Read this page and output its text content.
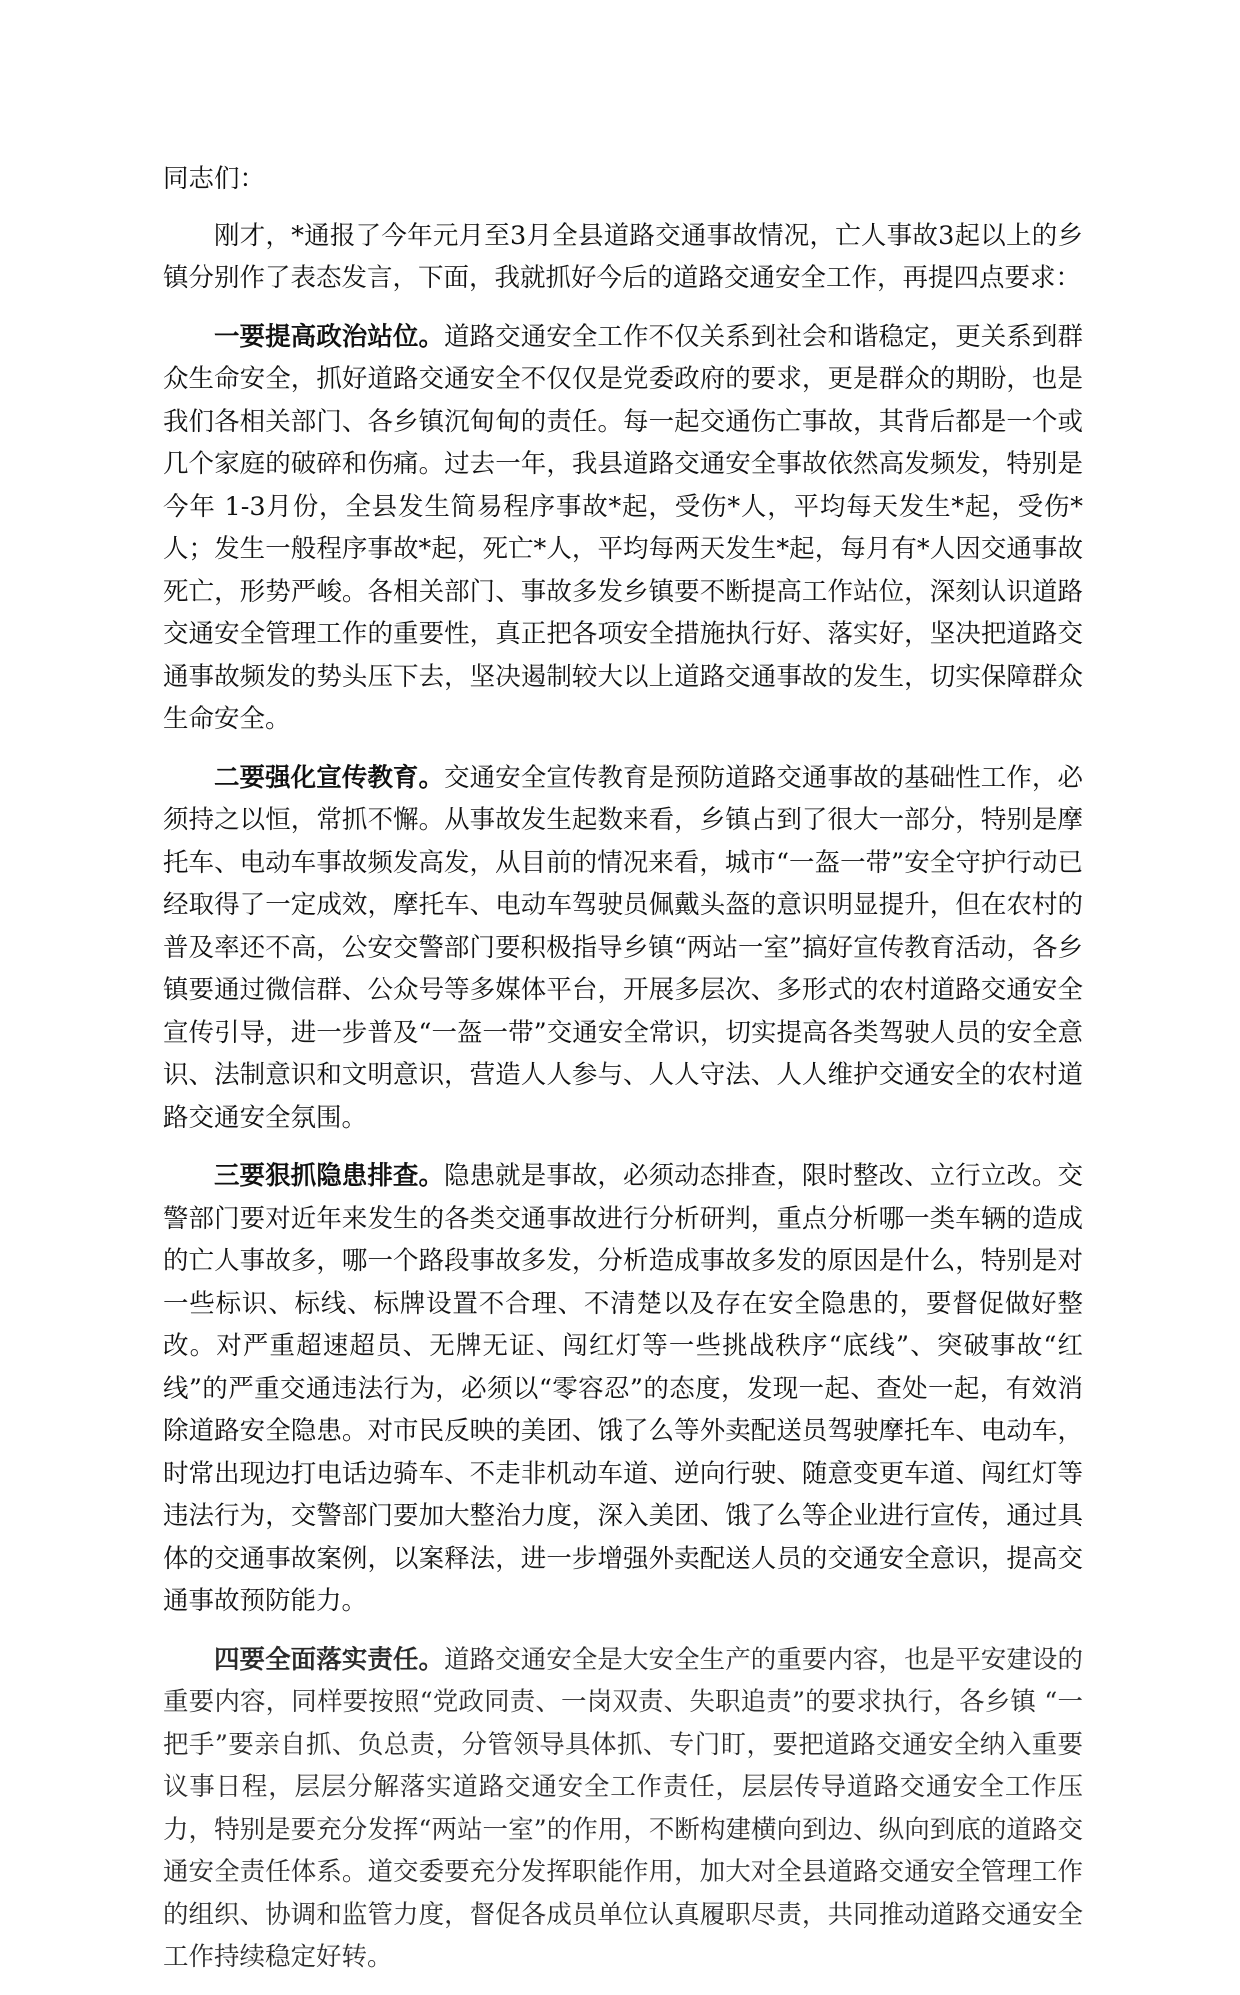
同志们：

刚才，*通报了今年元月至3月全县道路交通事故情况，亡人事故3起以上的乡镇分别作了表态发言，下面，我就抓好今后的道路交通安全工作，再提四点要求：

一要提高政治站位。道路交通安全工作不仅关系到社会和谐稳定，更关系到群众生命安全，抓好道路交通安全不仅仅是党委政府的要求，更是群众的期盼，也是我们各相关部门、各乡镇沉甸甸的责任。每一起交通伤亡事故，其背后都是一个或几个家庭的破碎和伤痛。过去一年，我县道路交通安全事故依然高发频发，特别是今年 1-3月份，全县发生简易程序事故*起，受伤*人，平均每天发生*起，受伤*人；发生一般程序事故*起，死亡*人，平均每两天发生*起，每月有*人因交通事故死亡，形势严峻。各相关部门、事故多发乡镇要不断提高工作站位，深刻认识道路交通安全管理工作的重要性，真正把各项安全措施执行好、落实好，坚决把道路交通事故频发的势头压下去，坚决遏制较大以上道路交通事故的发生，切实保障群众生命安全。

二要强化宣传教育。交通安全宣传教育是预防道路交通事故的基础性工作，必须持之以恒，常抓不懈。从事故发生起数来看，乡镇占到了很大一部分，特别是摩托车、电动车事故频发高发，从目前的情况来看，城市“一盔一带”安全守护行动已经取得了一定成效，摩托车、电动车驾驶员佩戴头盔的意识明显提升，但在农村的普及率还不高，公安交警部门要积极指导乡镇“两站一室”搞好宣传教育活动，各乡镇要通过微信群、公众号等多媒体平台，开展多层次、多形式的农村道路交通安全宣传引导，进一步普及“一盔一带”交通安全常识，切实提高各类驾驶人员的安全意识、法制意识和文明意识，营造人人参与、人人守法、人人维护交通安全的农村道路交通安全氛围。

三要狠抓隐患排查。隐患就是事故，必须动态排查，限时整改、立行立改。交警部门要对近年来发生的各类交通事故进行分析研判，重点分析哪一类车辆的造成的亡人事故多，哪一个路段事故多发，分析造成事故多发的原因是什么，特别是对一些标识、标线、标牌设置不合理、不清楚以及存在安全隐患的，要督促做好整改。对严重超速超员、无牌无证、闯红灯等一些挑战秩序“底线”、突破事故“红线”的严重交通违法行为，必须以“零容忍”的态度，发现一起、查处一起，有效消除道路安全隐患。对市民反映的美团、饿了么等外卖配送员驾驶摩托车、电动车，时常出现边打电话边骑车、不走非机动车道、逆向行驶、随意变更车道、闯红灯等违法行为，交警部门要加大整治力度，深入美团、饿了么等企业进行宣传，通过具体的交通事故案例，以案释法，进一步增强外卖配送人员的交通安全意识，提高交通事故预防能力。

四要全面落实责任。道路交通安全是大安全生产的重要内容，也是平安建设的重要内容，同样要按照“党政同责、一岗双责、失职追责”的要求执行，各乡镇 “一把手”要亲自抓、负总责，分管领导具体抓、专门盯，要把道路交通安全纳入重要议事日程，层层分解落实道路交通安全工作责任，层层传导道路交通安全工作压力，特别是要充分发挥“两站一室”的作用，不断构建横向到边、纵向到底的道路交通安全责任体系。道交委要充分发挥职能作用，加大对全县道路交通安全管理工作的组织、协调和监管力度，督促各成员单位认真履职尽责，共同推动道路交通安全工作持续稳定好转。
